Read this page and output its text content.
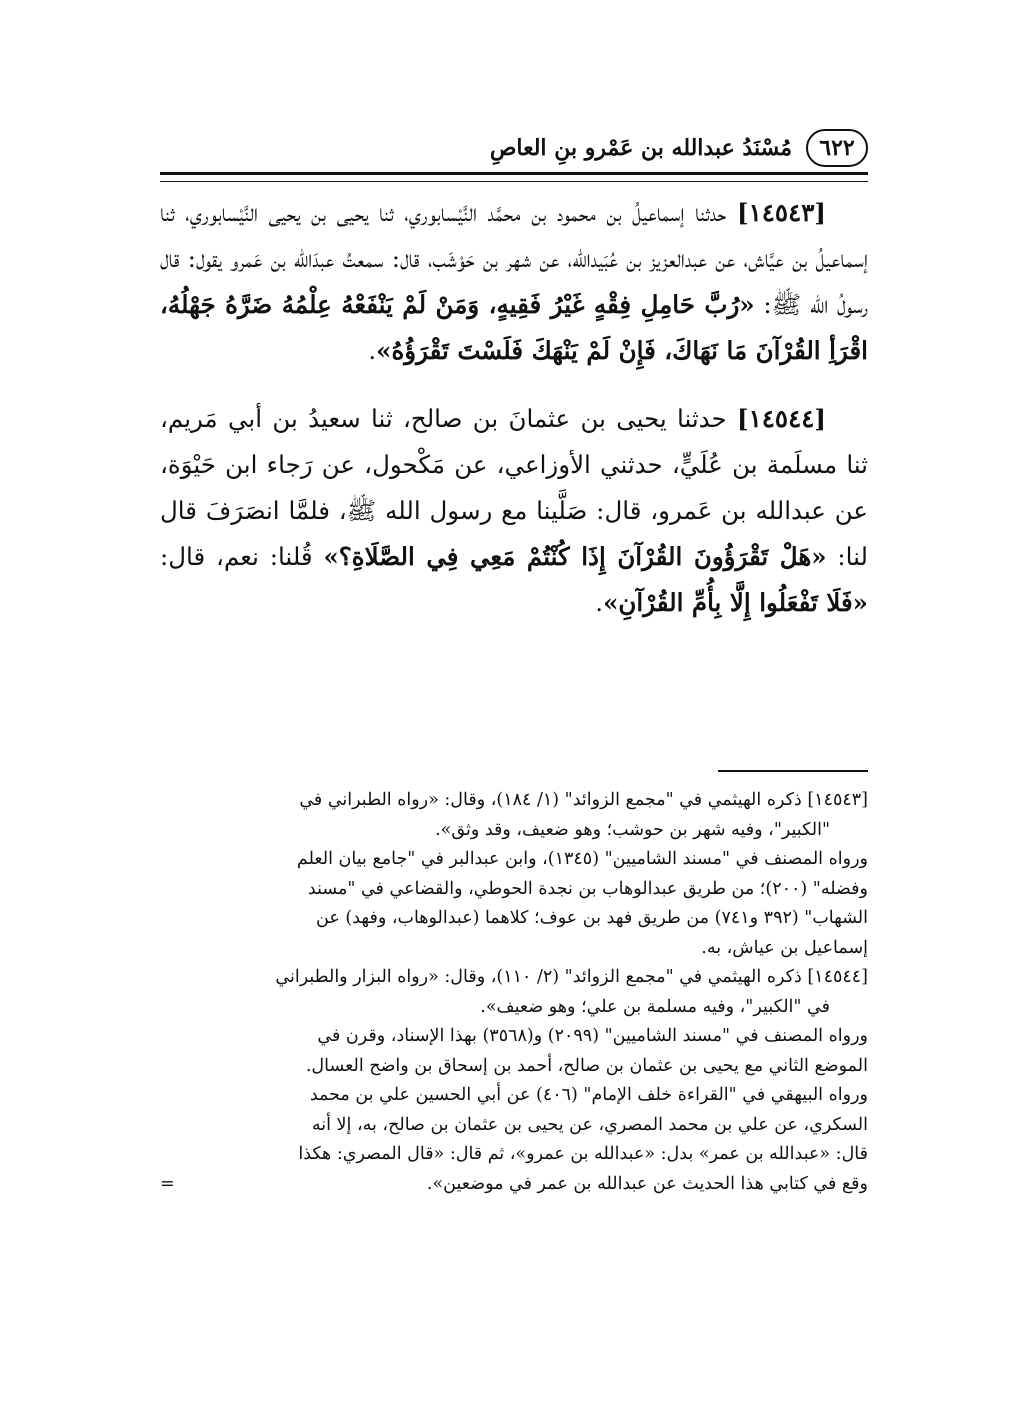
٦٢٢
مُسْنَدُ عبدالله بن عَمْرو بنِ العاصِ

[١٤٥٤٣] حدثنا إسماعيلُ بن محمود بن محمَّد النَّيْسابوري، ثنا يحيى بن يحيى النَّيْسابوري، ثنا إسماعيلُ بن عيَّاش، عن عبدالعزيز بن عُبَيدالله، عن شهر بن حَوْشَب، قال: سمعتُ عبدَالله بن عَمرو يقول: قال رسولُ الله ﷺ: «رُبَّ حَامِلِ فِقْهٍ غَيْرُ فَقِيهٍ، وَمَنْ لَمْ يَنْفَعْهُ عِلْمُهُ ضَرَّهُ جَهْلُهُ، اقْرَأِ القُرْآنَ مَا نَهَاكَ، فَإِنْ لَمْ يَنْهَكَ فَلَسْتَ تَقْرَؤُهُ».

[١٤٥٤٤] حدثنا يحيى بن عثمانَ بن صالح، ثنا سعيدُ بن أبي مَريم، ثنا مسلَمة بن عُلَيٍّ، حدثني الأوزاعي، عن مَكْحول، عن رَجاء ابن حَيْوَة، عن عبدالله بن عَمرو، قال: صَلَّينا مع رسول الله ﷺ، فلمَّا انصَرَفَ قال لنا: «هَلْ تَقْرَؤُونَ القُرْآنَ إِذَا كُنْتُمْ مَعِي فِي الصَّلَاةِ؟» قُلنا: نعم، قال: «فَلَا تَفْعَلُوا إِلَّا بِأُمِّ القُرْآنِ».

[١٤٥٤٣] ذكره الهيثمي في "مجمع الزوائد" (١/ ١٨٤)، وقال: «رواه الطبراني في
"الكبير"، وفيه شهر بن حوشب؛ وهو ضعيف، وقد وثق».
ورواه المصنف في "مسند الشاميين" (١٣٤٥)، وابن عبدالبر في "جامع بيان العلم
وفضله" (٢٠٠)؛ من طريق عبدالوهاب بن نجدة الحوطي، والقضاعي في "مسند
الشهاب" (٣٩٢ و٧٤١) من طريق فهد بن عوف؛ كلاهما (عبدالوهاب، وفهد) عن
إسماعيل بن عياش، به.
[١٤٥٤٤] ذكره الهيثمي في "مجمع الزوائد" (٢/ ١١٠)، وقال: «رواه البزار والطبراني
في "الكبير"، وفيه مسلمة بن علي؛ وهو ضعيف».
ورواه المصنف في "مسند الشاميين" (٢٠٩٩) و(٣٥٦٨) بهذا الإسناد، وقرن في
الموضع الثاني مع يحيى بن عثمان بن صالح، أحمد بن إسحاق بن واضح العسال.
ورواه البيهقي في "القراءة خلف الإمام" (٤٠٦) عن أبي الحسين علي بن محمد
السكري، عن علي بن محمد المصري، عن يحيى بن عثمان بن صالح، به، إلا أنه
قال: «عبدالله بن عمر» بدل: «عبدالله بن عمرو»، ثم قال: «قال المصري: هكذا
وقع في كتابي هذا الحديث عن عبدالله بن عمر في موضعين».
=
